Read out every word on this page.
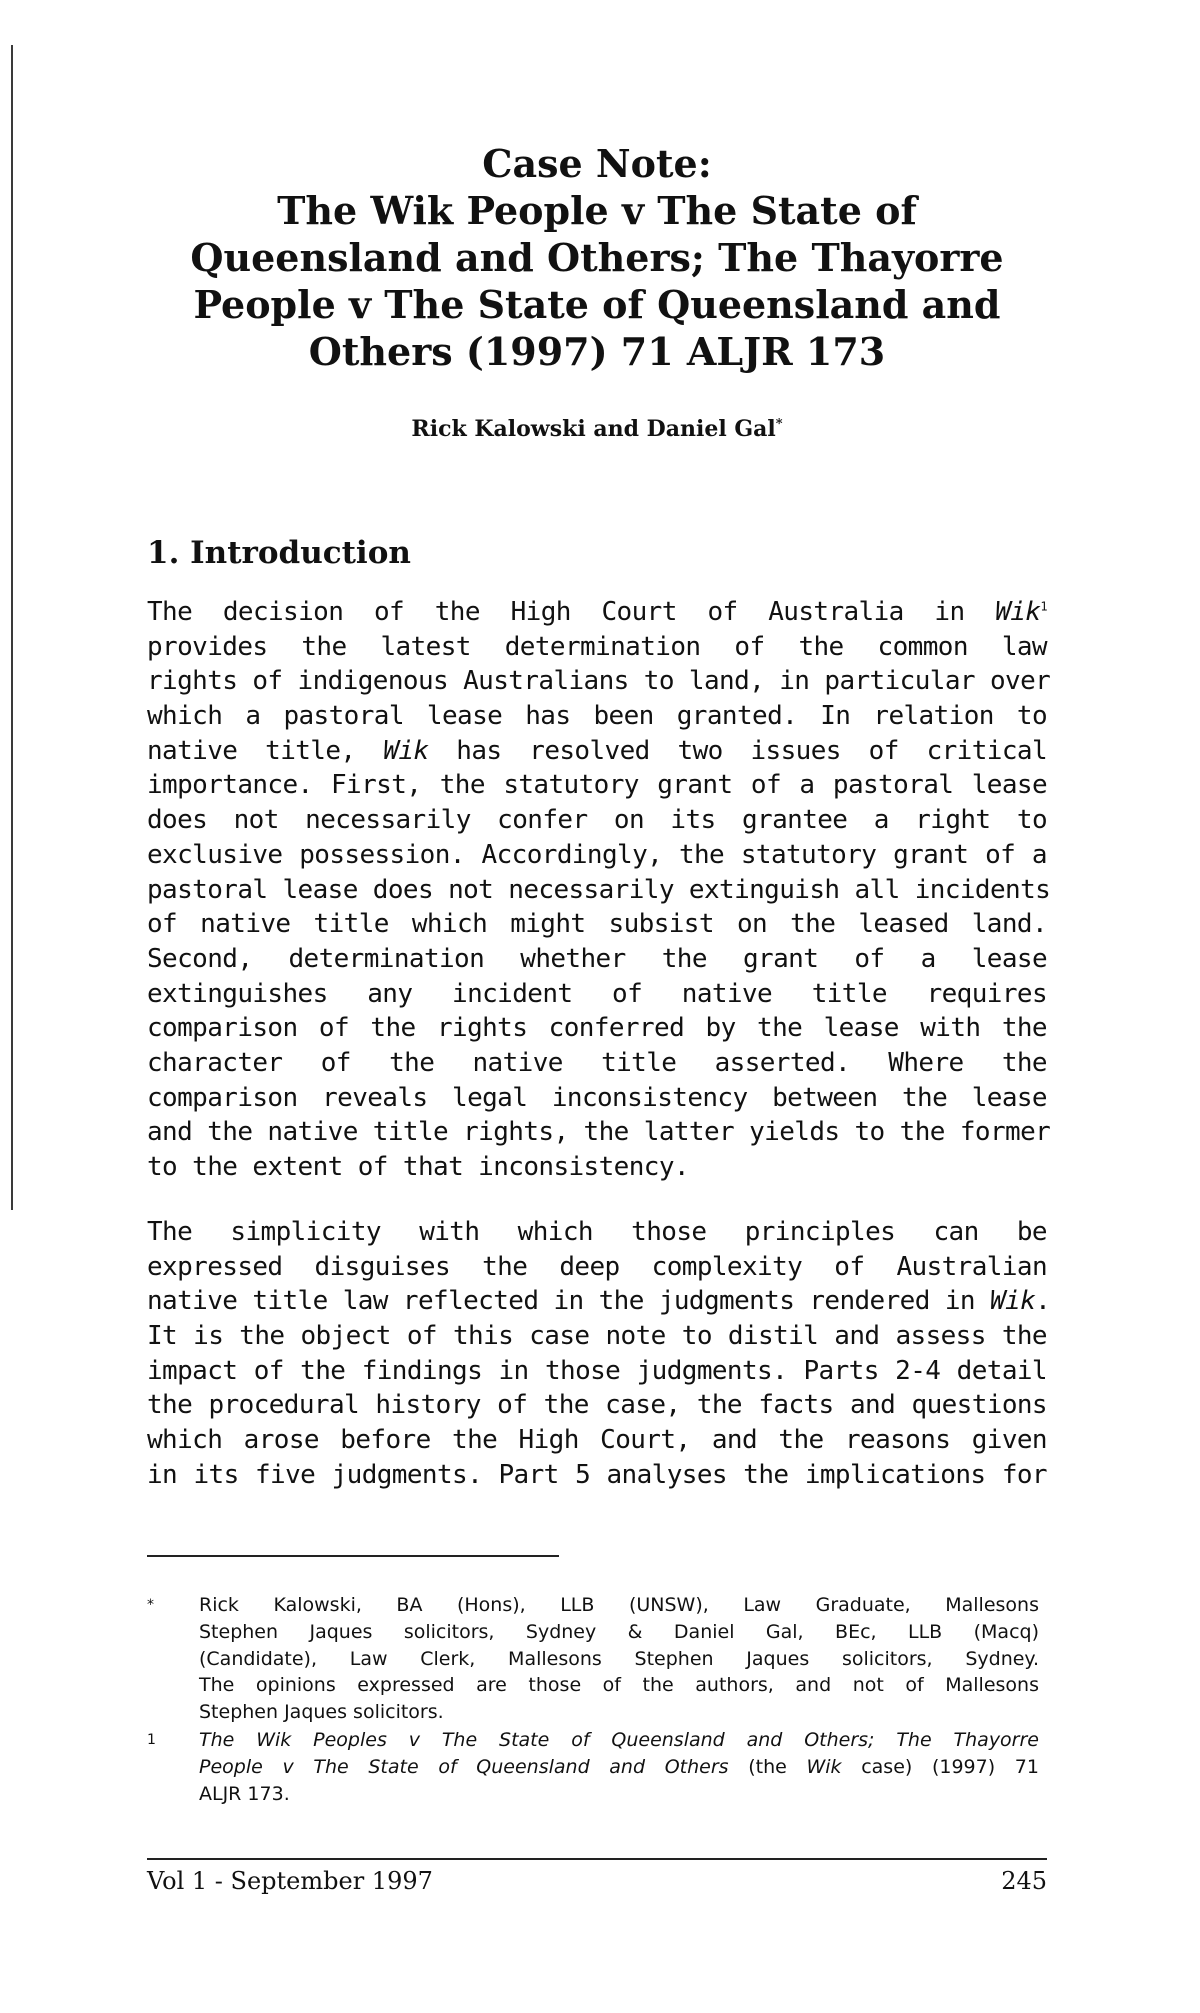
Case Note:
The Wik People v The State of
Queensland and Others; The Thayorre
People v The State of Queensland and
Others (1997) 71 ALJR 173
Rick Kalowski and Daniel Gal*
1. Introduction
The decision of the High Court of Australia in Wik$^1$
provides the latest determination of the common law
rights of indigenous Australians to land, in particular over
which a pastoral lease has been granted. In relation to
native title, Wik has resolved two issues of critical
importance. First, the statutory grant of a pastoral lease
does not necessarily confer on its grantee a right to
exclusive possession. Accordingly, the statutory grant of a
pastoral lease does not necessarily extinguish all incidents
of native title which might subsist on the leased land.
Second, determination whether the grant of a lease
extinguishes any incident of native title requires
comparison of the rights conferred by the lease with the
character of the native title asserted. Where the
comparison reveals legal inconsistency between the lease
and the native title rights, the latter yields to the former
to the extent of that inconsistency.
The simplicity with which those principles can be
expressed disguises the deep complexity of Australian
native title law reflected in the judgments rendered in Wik.
It is the object of this case note to distil and assess the
impact of the findings in those judgments. Parts 2-4 detail
the procedural history of the case, the facts and questions
which arose before the High Court, and the reasons given
in its five judgments. Part 5 analyses the implications for
* Rick Kalowski, BA (Hons), LLB (UNSW), Law Graduate, Mallesons
Stephen Jaques solicitors, Sydney & Daniel Gal, BEc, LLB (Macq)
(Candidate), Law Clerk, Mallesons Stephen Jaques solicitors, Sydney.
The opinions expressed are those of the authors, and not of Mallesons
Stephen Jaques solicitors.
1 The Wik Peoples v The State of Queensland and Others; The Thayorre
People v The State of Queensland and Others (the Wik case) (1997) 71
ALJR 173.
Vol 1 - September 1997	245
